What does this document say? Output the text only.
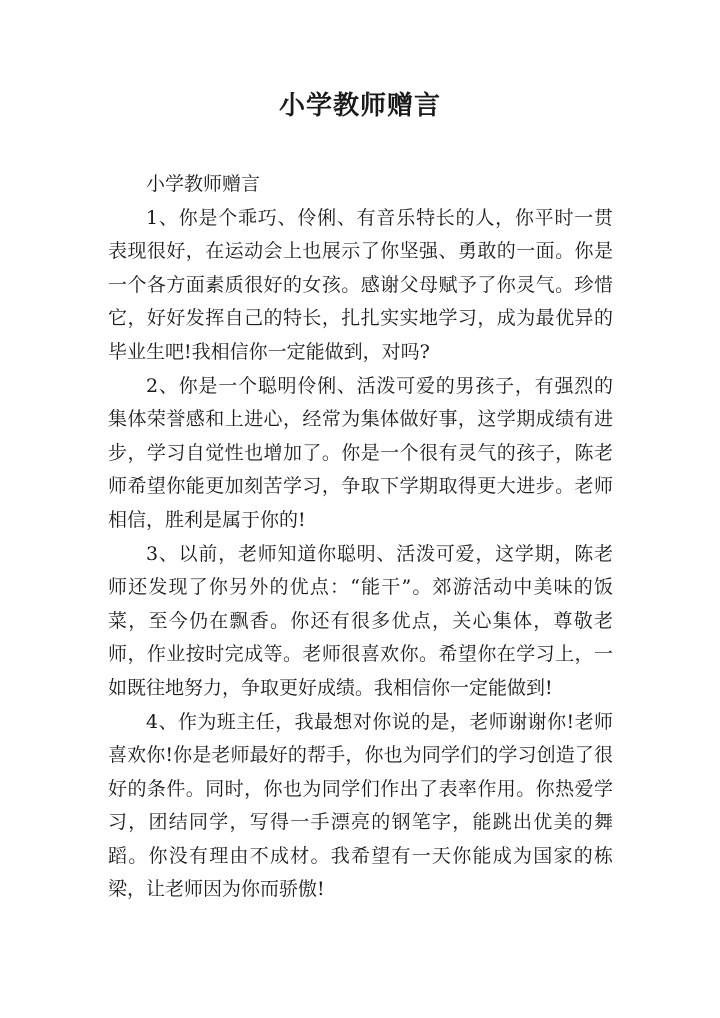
小学教师赠言

小学教师赠言

1、你是个乖巧、伶俐、有音乐特长的人，你平时一贯表现很好，在运动会上也展示了你坚强、勇敢的一面。你是一个各方面素质很好的女孩。感谢父母赋予了你灵气。珍惜它，好好发挥自己的特长，扎扎实实地学习，成为最优异的毕业生吧!我相信你一定能做到，对吗?

2、你是一个聪明伶俐、活泼可爱的男孩子，有强烈的集体荣誉感和上进心，经常为集体做好事，这学期成绩有进步，学习自觉性也增加了。你是一个很有灵气的孩子，陈老师希望你能更加刻苦学习，争取下学期取得更大进步。老师相信，胜利是属于你的!

3、以前，老师知道你聪明、活泼可爱，这学期，陈老师还发现了你另外的优点：“能干”。郊游活动中美味的饭菜，至今仍在飘香。你还有很多优点，关心集体，尊敬老师，作业按时完成等。老师很喜欢你。希望你在学习上，一如既往地努力，争取更好成绩。我相信你一定能做到!

4、作为班主任，我最想对你说的是，老师谢谢你!老师喜欢你!你是老师最好的帮手，你也为同学们的学习创造了很好的条件。同时，你也为同学们作出了表率作用。你热爱学习，团结同学，写得一手漂亮的钢笔字，能跳出优美的舞蹈。你没有理由不成材。我希望有一天你能成为国家的栋梁，让老师因为你而骄傲!
